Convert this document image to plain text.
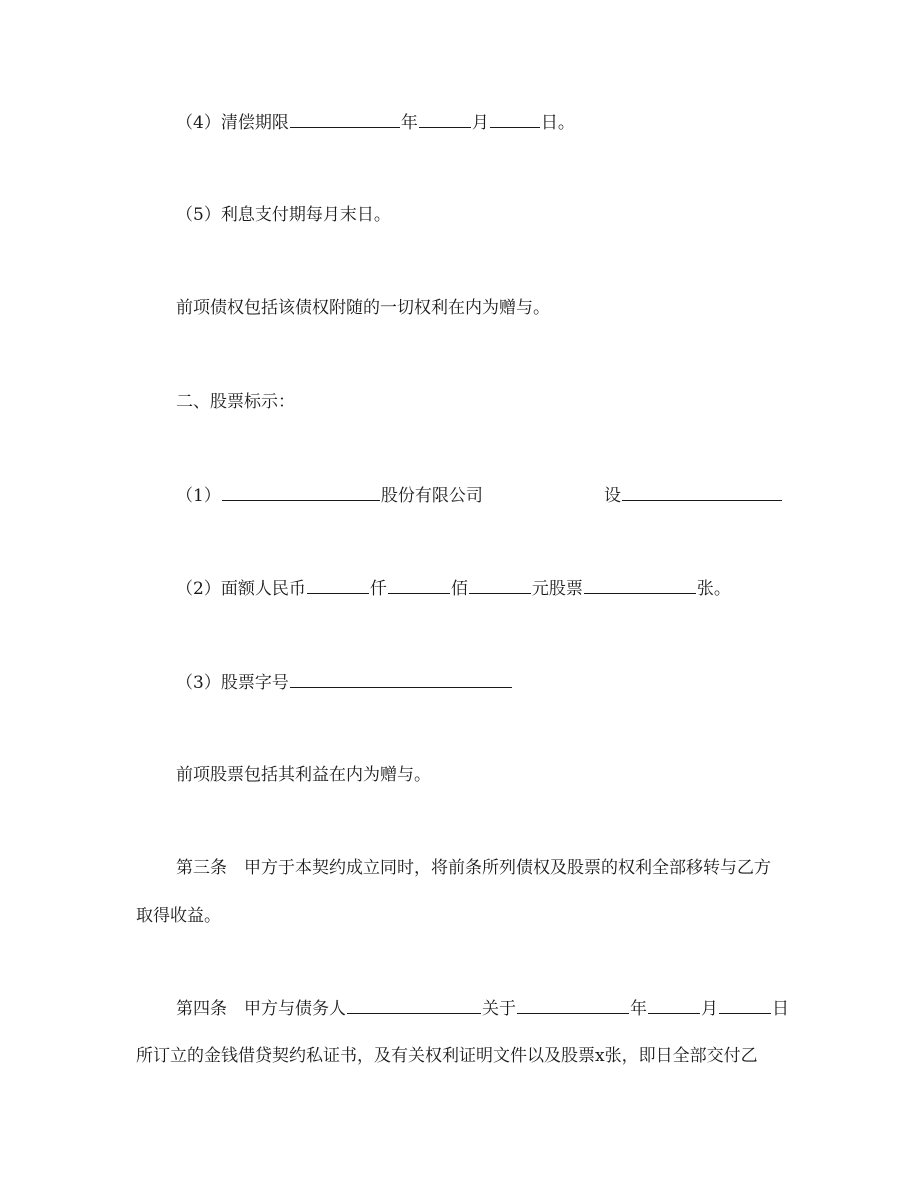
（4）清偿期限	年	月	日。
（5）利息支付期每月末日。
前项债权包括该债权附随的一切权利在内为赠与。
二、股票标示：
（1）	股份有限公司	设
（2）面额人民币	仟	佰	元股票	张。
（3）股票字号
前项股票包括其利益在内为赠与。
第三条　甲方于本契约成立同时，将前条所列债权及股票的权利全部移转与乙方
取得收益。
第四条　甲方与债务人	关于	年	月	日
所订立的金钱借贷契约私证书，及有关权利证明文件以及股票x张，即日全部交付乙
